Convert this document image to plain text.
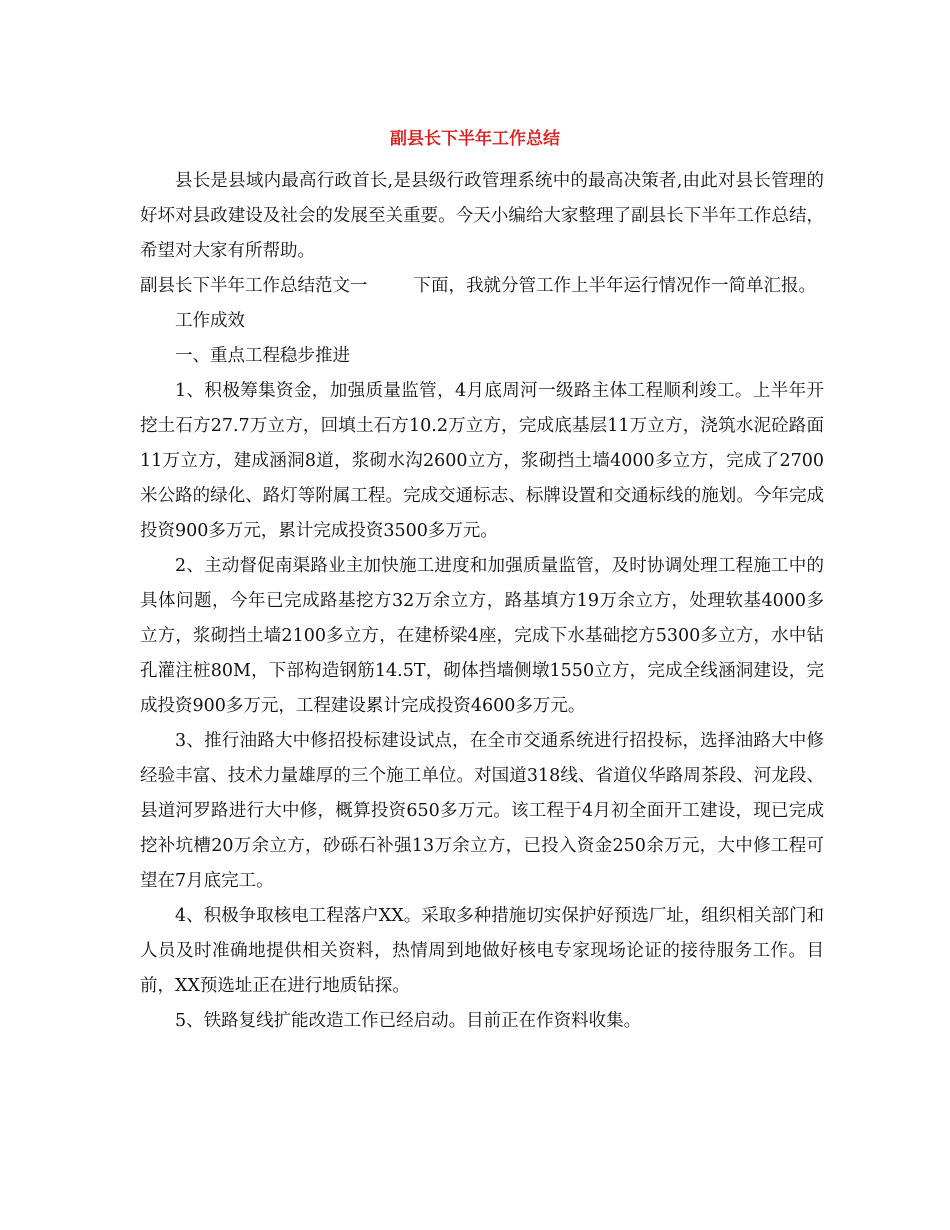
副县长下半年工作总结

县长是县域内最高行政首长,是县级行政管理系统中的最高决策者,由此对县长管理的好坏对县政建设及社会的发展至关重要。今天小编给大家整理了副县长下半年工作总结，希望对大家有所帮助。

副县长下半年工作总结范文一	下面，我就分管工作上半年运行情况作一简单汇报。

工作成效

一、重点工程稳步推进

1、积极筹集资金，加强质量监管，4月底周河一级路主体工程顺利竣工。上半年开挖土石方27.7万立方，回填土石方10.2万立方，完成底基层11万立方，浇筑水泥砼路面11万立方，建成涵洞8道，浆砌水沟2600立方，浆砌挡土墙4000多立方，完成了2700米公路的绿化、路灯等附属工程。完成交通标志、标牌设置和交通标线的施划。今年完成投资900多万元，累计完成投资3500多万元。

2、主动督促南渠路业主加快施工进度和加强质量监管，及时协调处理工程施工中的具体问题，今年已完成路基挖方32万余立方，路基填方19万余立方，处理软基4000多立方，浆砌挡土墙2100多立方，在建桥梁4座，完成下水基础挖方5300多立方，水中钻孔灌注桩80M，下部构造钢筋14.5T，砌体挡墙侧墩1550立方，完成全线涵洞建设，完成投资900多万元，工程建设累计完成投资4600多万元。

3、推行油路大中修招投标建设试点，在全市交通系统进行招投标，选择油路大中修经验丰富、技术力量雄厚的三个施工单位。对国道318线、省道仪华路周茶段、河龙段、县道河罗路进行大中修，概算投资650多万元。该工程于4月初全面开工建设，现已完成挖补坑槽20万余立方，砂砾石补强13万余立方，已投入资金250余万元，大中修工程可望在7月底完工。

4、积极争取核电工程落户XX。采取多种措施切实保护好预选厂址，组织相关部门和人员及时准确地提供相关资料，热情周到地做好核电专家现场论证的接待服务工作。目前，XX预选址正在进行地质钻探。

5、铁路复线扩能改造工作已经启动。目前正在作资料收集。
